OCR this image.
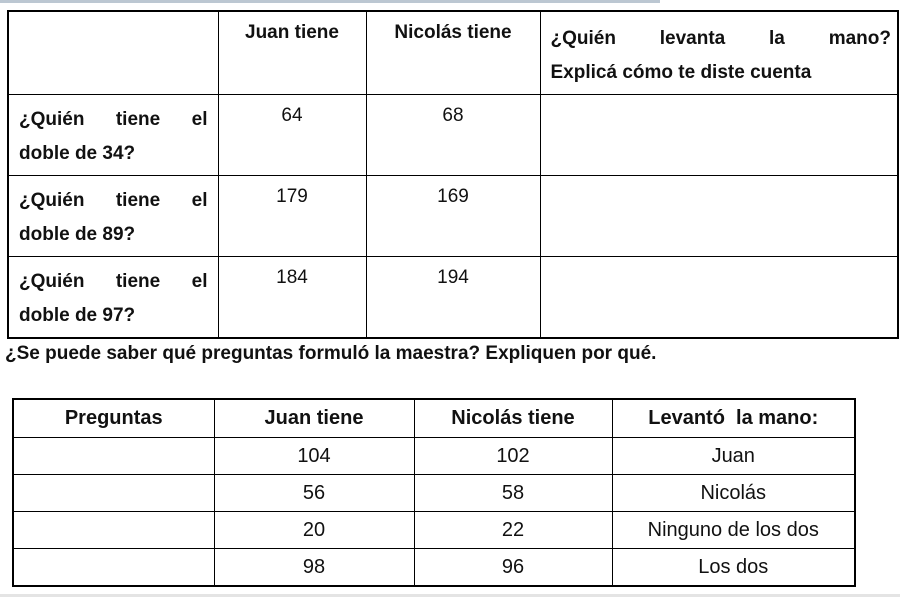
	Juan tiene	Nicolás tiene	¿Quién levanta la mano?
Explicá cómo te diste cuenta

¿Quién tiene el
doble de 34?	64	68	

¿Quién tiene el
doble de 89?	179	169	

¿Quién tiene el
doble de 97?	184	194	
¿Se puede saber qué preguntas formuló la maestra? Expliquen por qué.
Preguntas	Juan tiene	Nicolás tiene	Levantó  la mano:
	104	102	Juan
	56	58	Nicolás
	20	22	Ninguno de los dos
	98	96	Los dos
